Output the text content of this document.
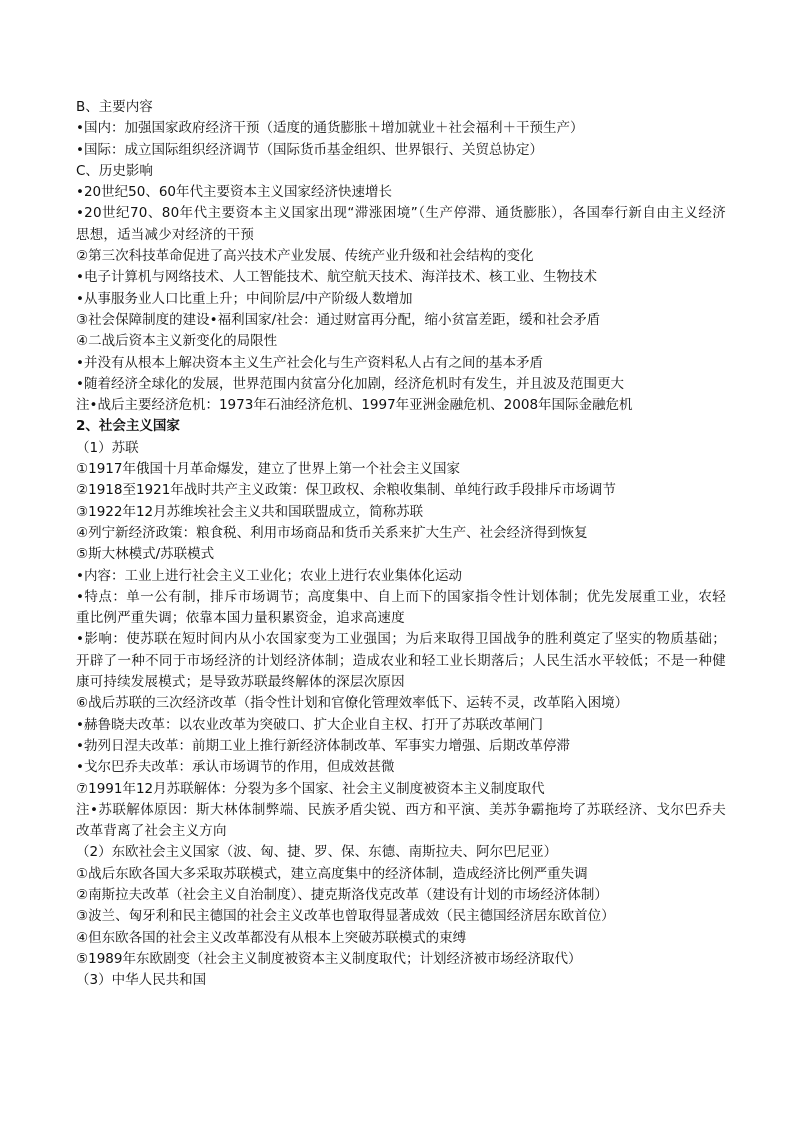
B、主要内容
•国内：加强国家政府经济干预（适度的通货膨胀＋增加就业＋社会福利＋干预生产）
•国际：成立国际组织经济调节（国际货币基金组织、世界银行、关贸总协定）
C、历史影响
•20世纪50、60年代主要资本主义国家经济快速增长
•20世纪70、80年代主要资本主义国家出现“滞涨困境”（生产停滞、通货膨胀），各国奉行新自由主义经济思想，适当减少对经济的干预
②第三次科技革命促进了高兴技术产业发展、传统产业升级和社会结构的变化
•电子计算机与网络技术、人工智能技术、航空航天技术、海洋技术、核工业、生物技术
•从事服务业人口比重上升；中间阶层/中产阶级人数增加
③社会保障制度的建设•福利国家/社会：通过财富再分配，缩小贫富差距，缓和社会矛盾
④二战后资本主义新变化的局限性
•并没有从根本上解决资本主义生产社会化与生产资料私人占有之间的基本矛盾
•随着经济全球化的发展，世界范围内贫富分化加剧，经济危机时有发生，并且波及范围更大
注•战后主要经济危机：1973年石油经济危机、1997年亚洲金融危机、2008年国际金融危机
2、社会主义国家
（1）苏联
①1917年俄国十月革命爆发，建立了世界上第一个社会主义国家
②1918至1921年战时共产主义政策：保卫政权、余粮收集制、单纯行政手段排斥市场调节
③1922年12月苏维埃社会主义共和国联盟成立，简称苏联
④列宁新经济政策：粮食税、利用市场商品和货币关系来扩大生产、社会经济得到恢复
⑤斯大林模式/苏联模式
•内容：工业上进行社会主义工业化；农业上进行农业集体化运动
•特点：单一公有制，排斥市场调节；高度集中、自上而下的国家指令性计划体制；优先发展重工业，农轻重比例严重失调；依靠本国力量积累资金，追求高速度
•影响：使苏联在短时间内从小农国家变为工业强国；为后来取得卫国战争的胜利奠定了坚实的物质基础；开辟了一种不同于市场经济的计划经济体制；造成农业和轻工业长期落后；人民生活水平较低；不是一种健康可持续发展模式；是导致苏联最终解体的深层次原因
⑥战后苏联的三次经济改革（指令性计划和官僚化管理效率低下、运转不灵，改革陷入困境）
•赫鲁晓夫改革：以农业改革为突破口、扩大企业自主权、打开了苏联改革闸门
•勃列日涅夫改革：前期工业上推行新经济体制改革、军事实力增强、后期改革停滞
•戈尔巴乔夫改革：承认市场调节的作用，但成效甚微
⑦1991年12月苏联解体：分裂为多个国家、社会主义制度被资本主义制度取代
注•苏联解体原因：斯大林体制弊端、民族矛盾尖锐、西方和平演、美苏争霸拖垮了苏联经济、戈尔巴乔夫改革背离了社会主义方向
（2）东欧社会主义国家（波、匈、捷、罗、保、东德、南斯拉夫、阿尔巴尼亚）
①战后东欧各国大多采取苏联模式，建立高度集中的经济体制，造成经济比例严重失调
②南斯拉夫改革（社会主义自治制度）、捷克斯洛伐克改革（建设有计划的市场经济体制）
③波兰、匈牙利和民主德国的社会主义改革也曾取得显著成效（民主德国经济居东欧首位）
④但东欧各国的社会主义改革都没有从根本上突破苏联模式的束缚
⑤1989年东欧剧变（社会主义制度被资本主义制度取代；计划经济被市场经济取代）
（3）中华人民共和国
